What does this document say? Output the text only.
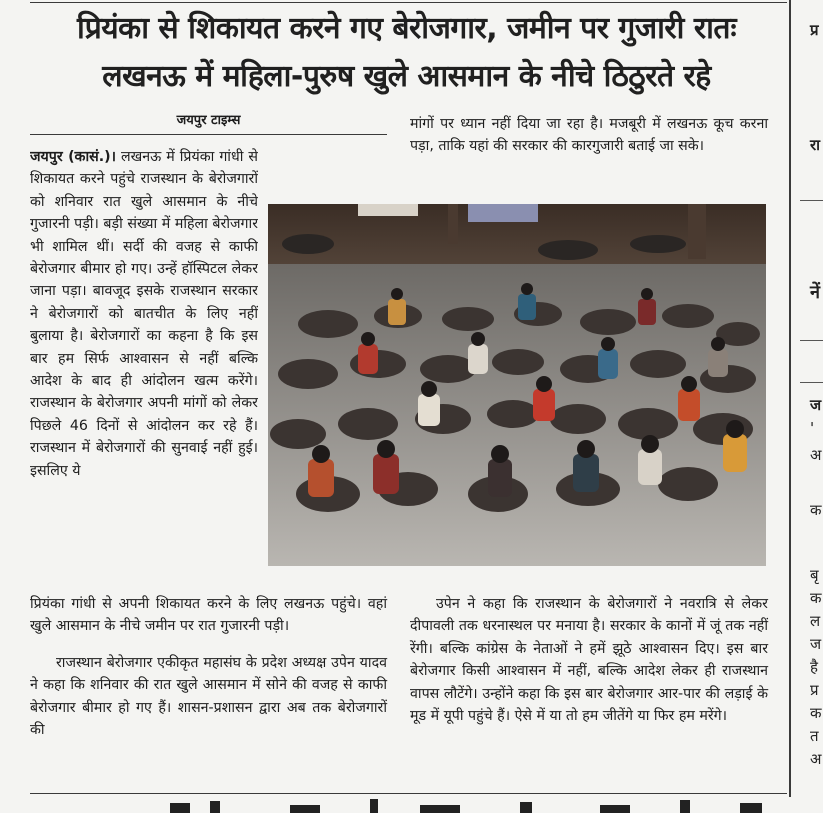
प्रियंका से शिकायत करने गए बेरोजगार, जमीन पर गुजारी रातः
लखनऊ में महिला-पुरुष खुले आसमान के नीचे ठिठुरते रहे
जयपुर टाइम्स

जयपुर (कासं.)। लखनऊ में प्रियंका गांधी से शिकायत करने पहुंचे राजस्थान के बेरोजगारों को शनिवार रात खुले आसमान के नीचे गुजारनी पड़ी। बड़ी संख्या में महिला बेरोजगार भी शामिल थीं। सर्दी की वजह से काफी बेरोजगार बीमार हो गए। उन्हें हॉस्पिटल लेकर जाना पड़ा। बावजूद इसके राजस्थान सरकार ने बेरोजगारों को बातचीत के लिए नहीं बुलाया है। बेरोजगारों का कहना है कि इस बार हम सिर्फ आश्वासन से नहीं बल्कि आदेश के बाद ही आंदोलन खत्म करेंगे। राजस्थान के बेरोजगार अपनी मांगों को लेकर पिछले 46 दिनों से आंदोलन कर रहे हैं। राजस्थान में बेरोजगारों की सुनवाई नहीं हुई। इसलिए ये

प्रियंका गांधी से अपनी शिकायत करने के लिए लखनऊ पहुंचे। वहां खुले आसमान के नीचे जमीन पर रात गुजारनी पड़ी।

राजस्थान बेरोजगार एकीकृत महासंघ के प्रदेश अध्यक्ष उपेन यादव ने कहा कि शनिवार की रात खुले आसमान में सोने की वजह से काफी बेरोजगार बीमार हो गए हैं। शासन-प्रशासन द्वारा अब तक बेरोजगारों की

मांगों पर ध्यान नहीं दिया जा रहा है। मजबूरी में लखनऊ कूच करना पड़ा, ताकि यहां की सरकार की कारगुजारी बताई जा सके।

उपेन ने कहा कि राजस्थान के बेरोजगारों ने नवरात्रि से लेकर दीपावली तक धरनास्थल पर मनाया है। सरकार के कानों में जूं तक नहीं रेंगी। बल्कि कांग्रेस के नेताओं ने हमें झूठे आश्वासन दिए। इस बार बेरोजगार किसी आश्वासन में नहीं, बल्कि आदेश लेकर ही राजस्थान वापस लौटेंगे। उन्होंने कहा कि इस बार बेरोजगार आर-पार की लड़ाई के मूड में यूपी पहुंचे हैं। ऐसे में या तो हम जीतेंगे या फिर हम मरेंगे।

प्र
रा
नें
ज
'
अ
क
बृ
क
ल
ज
है
प्र
क
त
अ
